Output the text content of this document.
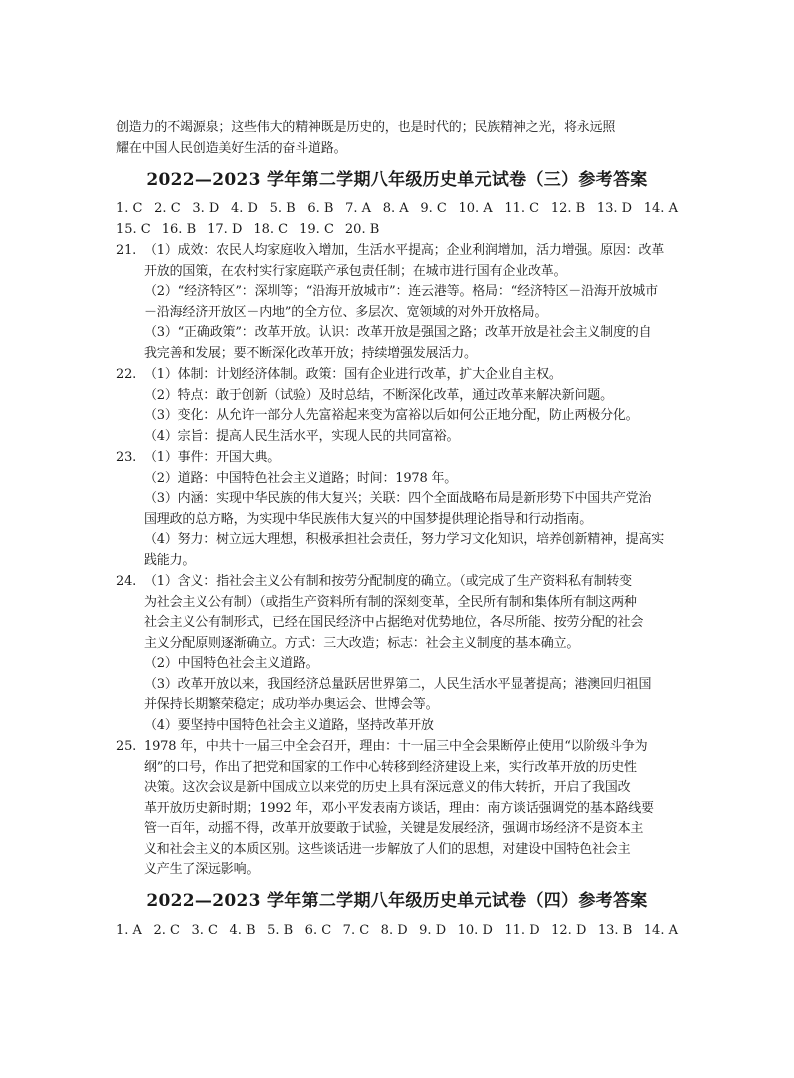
创造力的不竭源泉；这些伟大的精神既是历史的，也是时代的；民族精神之光，将永远照
耀在中国人民创造美好生活的奋斗道路。
2022—2023 学年第二学期八年级历史单元试卷（三）参考答案
1. C 2. C 3. D 4. D 5. B 6. B 7. A 8. A 9. C 10. A 11. C 12. B 13. D 14. A
15. C 16. B 17. D 18. C 19. C 20. B
21. （1）成效：农民人均家庭收入增加，生活水平提高；企业利润增加，活力增强。原因：改革
开放的国策，在农村实行家庭联产承包责任制；在城市进行国有企业改革。
（2）“经济特区”：深圳等；“沿海开放城市”：连云港等。格局：“经济特区－沿海开放城市
－沿海经济开放区－内地”的全方位、多层次、宽领域的对外开放格局。
（3）“正确政策”：改革开放。认识：改革开放是强国之路；改革开放是社会主义制度的自
我完善和发展；要不断深化改革开放；持续增强发展活力。
22. （1）体制：计划经济体制。政策：国有企业进行改革，扩大企业自主权。
（2）特点：敢于创新（试验）及时总结，不断深化改革，通过改革来解决新问题。
（3）变化：从允许一部分人先富裕起来变为富裕以后如何公正地分配，防止两极分化。
（4）宗旨：提高人民生活水平，实现人民的共同富裕。
23. （1）事件：开国大典。
（2）道路：中国特色社会主义道路；时间：1978 年。
（3）内涵：实现中华民族的伟大复兴；关联：四个全面战略布局是新形势下中国共产党治
国理政的总方略，为实现中华民族伟大复兴的中国梦提供理论指导和行动指南。
（4）努力：树立远大理想，积极承担社会责任，努力学习文化知识，培养创新精神，提高实
践能力。
24. （1）含义：指社会主义公有制和按劳分配制度的确立。（或完成了生产资料私有制转变
为社会主义公有制）（或指生产资料所有制的深刻变革，全民所有制和集体所有制这两种
社会主义公有制形式，已经在国民经济中占据绝对优势地位，各尽所能、按劳分配的社会
主义分配原则逐渐确立。方式：三大改造；标志：社会主义制度的基本确立。
（2）中国特色社会主义道路。
（3）改革开放以来，我国经济总量跃居世界第二，人民生活水平显著提高；港澳回归祖国
并保持长期繁荣稳定；成功举办奥运会、世博会等。
（4）要坚持中国特色社会主义道路，坚持改革开放
25. 1978 年，中共十一届三中全会召开，理由：十一届三中全会果断停止使用“以阶级斗争为
纲”的口号，作出了把党和国家的工作中心转移到经济建设上来，实行改革开放的历史性
决策。这次会议是新中国成立以来党的历史上具有深远意义的伟大转折，开启了我国改
革开放历史新时期；1992 年，邓小平发表南方谈话，理由：南方谈话强调党的基本路线要
管一百年，动摇不得，改革开放要敢于试验，关键是发展经济，强调市场经济不是资本主
义和社会主义的本质区别。这些谈话进一步解放了人们的思想，对建设中国特色社会主
义产生了深远影响。
2022—2023 学年第二学期八年级历史单元试卷（四）参考答案
1. A 2. C 3. C 4. B 5. B 6. C 7. C 8. D 9. D 10. D 11. D 12. D 13. B 14. A
